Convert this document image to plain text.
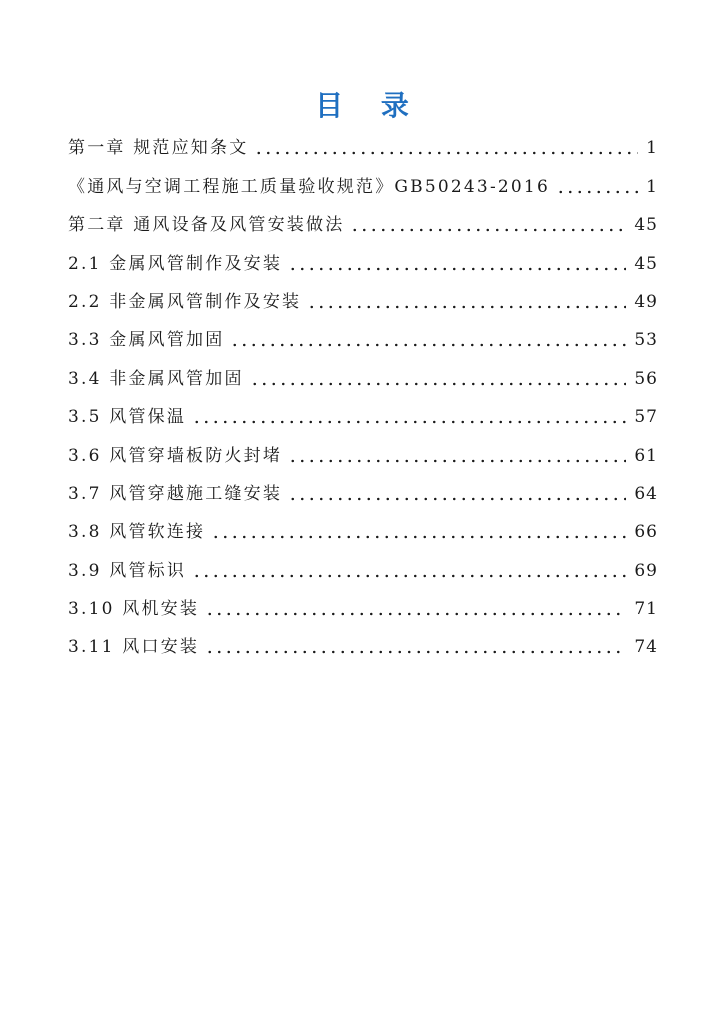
目 录
第一章 规范应知条文	1
《通风与空调工程施工质量验收规范》GB50243-2016	1
第二章 通风设备及风管安装做法	45
2.1 金属风管制作及安装	45
2.2 非金属风管制作及安装	49
3.3 金属风管加固	53
3.4 非金属风管加固	56
3.5 风管保温	57
3.6 风管穿墙板防火封堵	61
3.7 风管穿越施工缝安装	64
3.8 风管软连接	66
3.9 风管标识	69
3.10 风机安装	71
3.11 风口安装	74
